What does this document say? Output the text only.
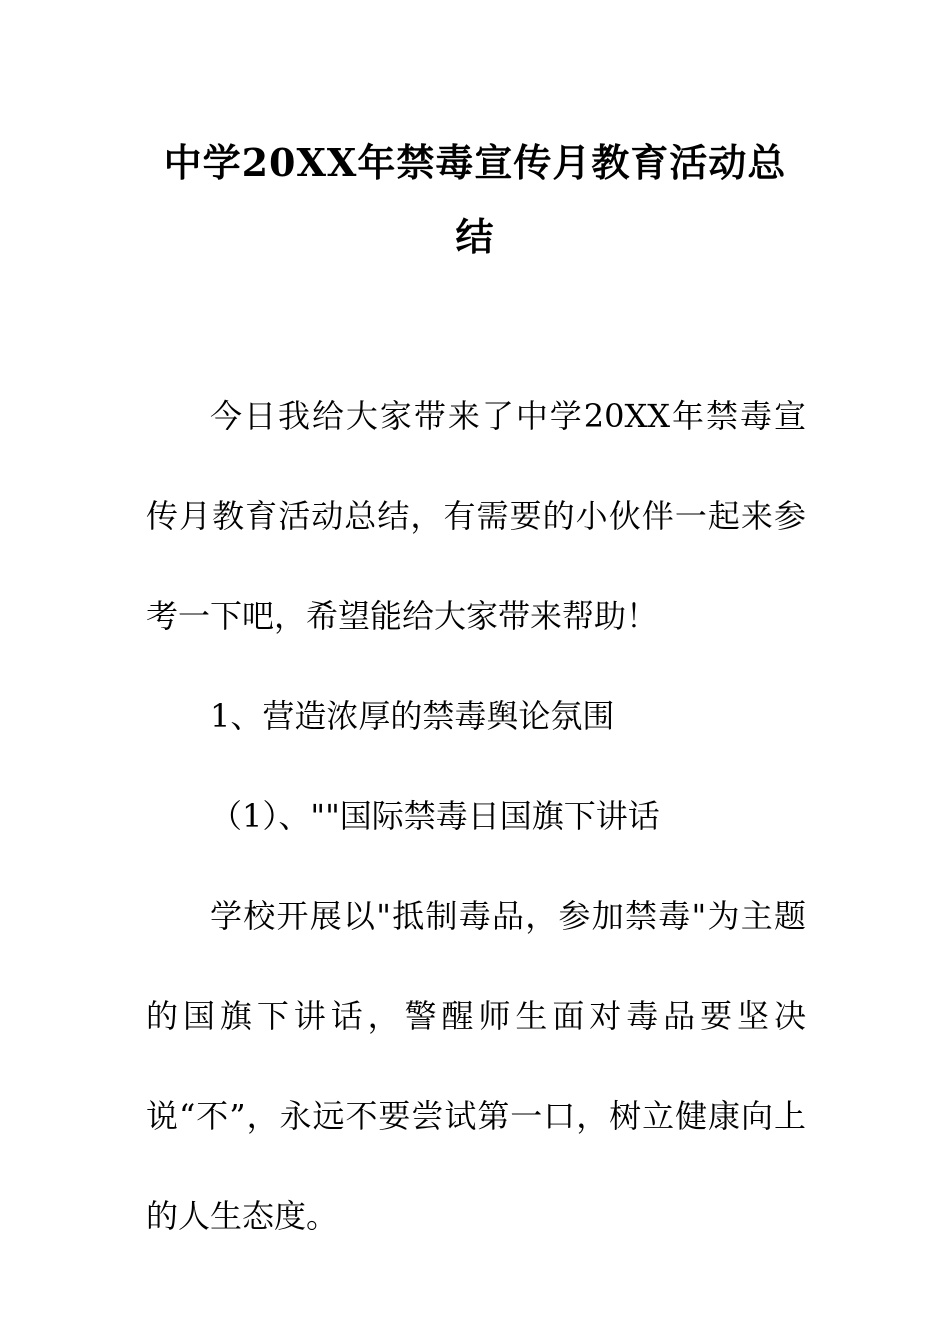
中学20XX年禁毒宣传月教育活动总结

今日我给大家带来了中学20XX年禁毒宣传月教育活动总结，有需要的小伙伴一起来参考一下吧，希望能给大家带来帮助！

1、营造浓厚的禁毒舆论氛围

（1）、""国际禁毒日国旗下讲话

学校开展以"抵制毒品，参加禁毒"为主题的国旗下讲话，警醒师生面对毒品要坚决说“不”，永远不要尝试第一口，树立健康向上的人生态度。
